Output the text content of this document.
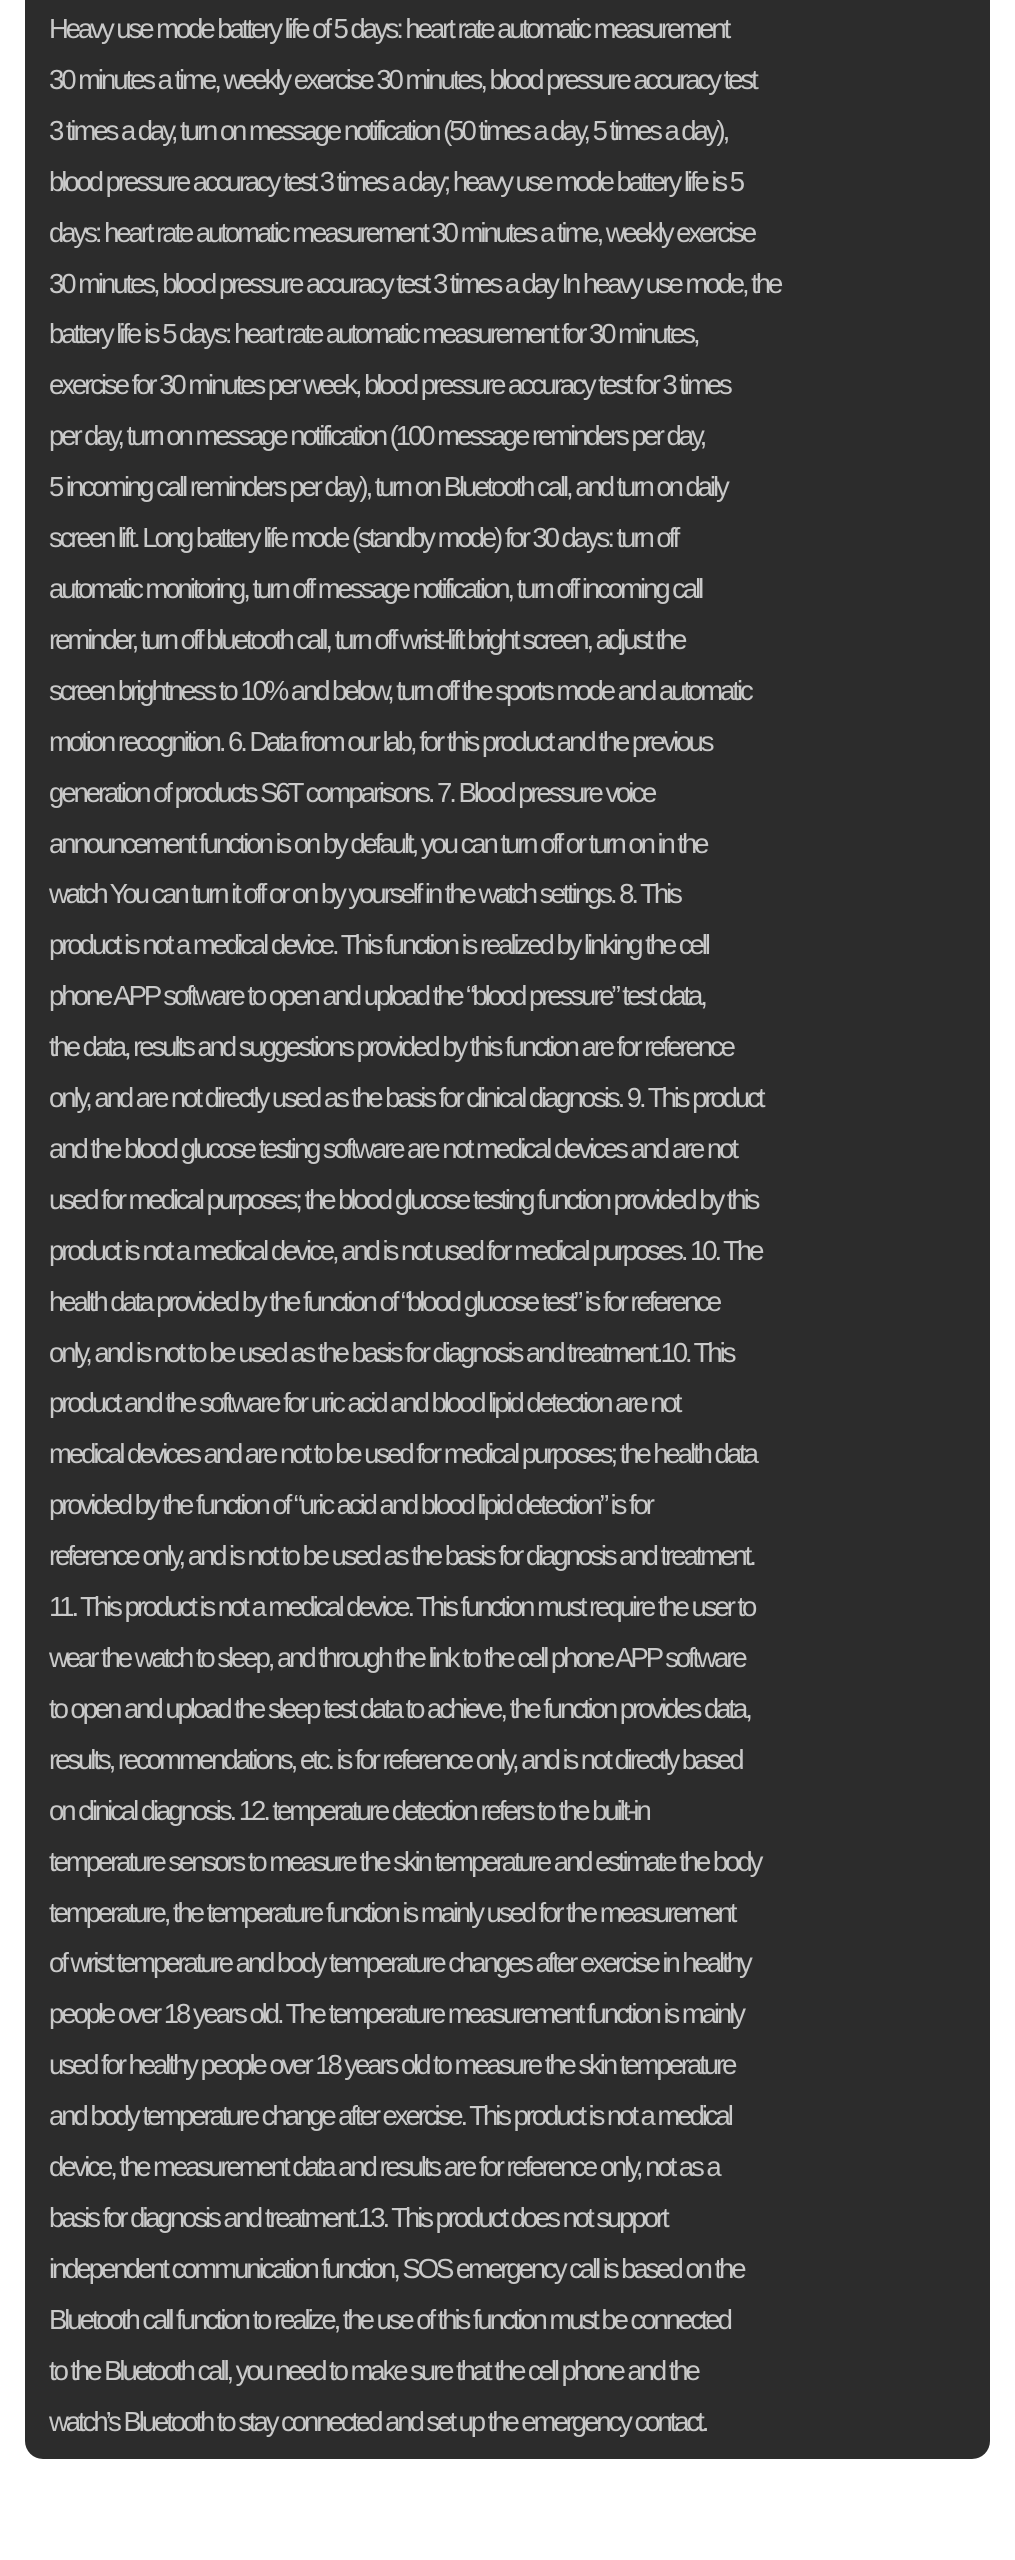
Heavy use mode battery life of 5 days: heart rate automatic measurement
30 minutes a time, weekly exercise 30 minutes, blood pressure accuracy test
3 times a day, turn on message notification (50 times a day, 5 times a day),
blood pressure accuracy test 3 times a day; heavy use mode battery life is 5
days: heart rate automatic measurement 30 minutes a time, weekly exercise
30 minutes, blood pressure accuracy test 3 times a day In heavy use mode, the
battery life is 5 days: heart rate automatic measurement for 30 minutes,
exercise for 30 minutes per week, blood pressure accuracy test for 3 times
per day, turn on message notification (100 message reminders per day,
5 incoming call reminders per day), turn on Bluetooth call, and turn on daily
screen lift. Long battery life mode (standby mode) for 30 days: turn off
automatic monitoring, turn off message notification, turn off incoming call
reminder, turn off bluetooth call, turn off wrist-lift bright screen, adjust the
screen brightness to 10% and below, turn off the sports mode and automatic
motion recognition. 6. Data from our lab, for this product and the previous
generation of products S6T comparisons. 7. Blood pressure voice
announcement function is on by default, you can turn off or turn on in the
watch You can turn it off or on by yourself in the watch settings. 8. This
product is not a medical device. This function is realized by linking the cell
phone APP software to open and upload the “blood pressure” test data,
the data, results and suggestions provided by this function are for reference
only, and are not directly used as the basis for clinical diagnosis. 9. This product
and the blood glucose testing software are not medical devices and are not
used for medical purposes; the blood glucose testing function provided by this
product is not a medical device, and is not used for medical purposes. 10. The
health data provided by the function of “blood glucose test” is for reference
only, and is not to be used as the basis for diagnosis and treatment.10. This
product and the software for uric acid and blood lipid detection are not
medical devices and are not to be used for medical purposes; the health data
provided by the function of “uric acid and blood lipid detection” is for
reference only, and is not to be used as the basis for diagnosis and treatment.
11. This product is not a medical device. This function must require the user to
wear the watch to sleep, and through the link to the cell phone APP software
to open and upload the sleep test data to achieve, the function provides data,
results, recommendations, etc. is for reference only, and is not directly based
on clinical diagnosis. 12. temperature detection refers to the built-in
temperature sensors to measure the skin temperature and estimate the body
temperature, the temperature function is mainly used for the measurement
of wrist temperature and body temperature changes after exercise in healthy
people over 18 years old. The temperature measurement function is mainly
used for healthy people over 18 years old to measure the skin temperature
and body temperature change after exercise. This product is not a medical
device, the measurement data and results are for reference only, not as a
basis for diagnosis and treatment.13. This product does not support
independent communication function, SOS emergency call is based on the
Bluetooth call function to realize, the use of this function must be connected
to the Bluetooth call, you need to make sure that the cell phone and the
watch’s Bluetooth to stay connected and set up the emergency contact.
